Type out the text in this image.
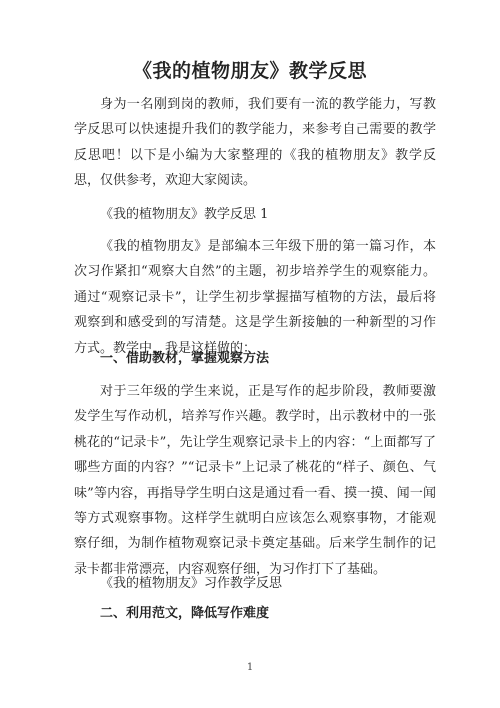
《我的植物朋友》教学反思

身为一名刚到岗的教师，我们要有一流的教学能力，写教学反思可以快速提升我们的教学能力，来参考自己需要的教学反思吧！以下是小编为大家整理的《我的植物朋友》教学反思，仅供参考，欢迎大家阅读。

《我的植物朋友》教学反思 1

《我的植物朋友》是部编本三年级下册的第一篇习作，本次习作紧扣“观察大自然”的主题，初步培养学生的观察能力。通过“观察记录卡”，让学生初步掌握描写植物的方法，最后将观察到和感受到的写清楚。这是学生新接触的一种新型的习作方式。教学中，我是这样做的：

一、借助教材，掌握观察方法

对于三年级的学生来说，正是写作的起步阶段，教师要激发学生写作动机，培养写作兴趣。教学时，出示教材中的一张桃花的“记录卡”，先让学生观察记录卡上的内容：“上面都写了哪些方面的内容？”“记录卡”上记录了桃花的“样子、颜色、气味”等内容，再指导学生明白这是通过看一看、摸一摸、闻一闻等方式观察事物。这样学生就明白应该怎么观察事物，才能观察仔细，为制作植物观察记录卡奠定基础。后来学生制作的记录卡都非常漂亮，内容观察仔细，为习作打下了基础。

《我的植物朋友》习作教学反思

二、利用范文，降低写作难度

1
